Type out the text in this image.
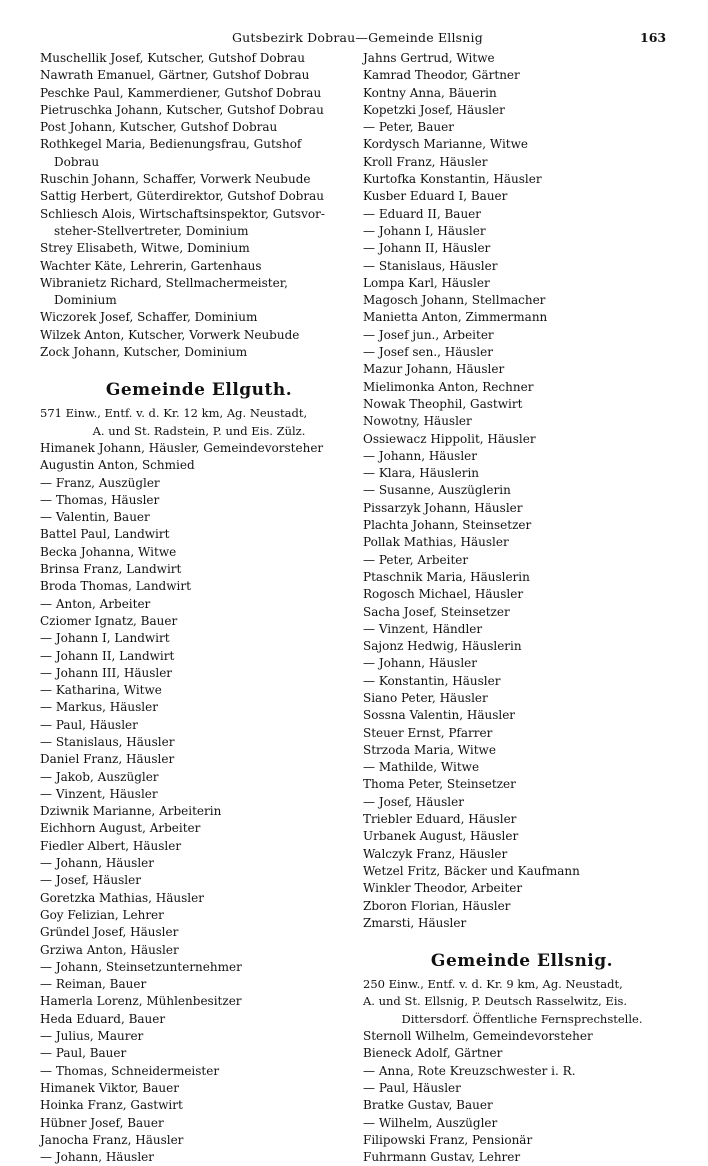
Gutsbezirk Dobrau—Gemeinde Ellsnig	163
Muschellik Josef, Kutscher, Gutshof Dobrau
Nawrath Emanuel, Gärtner, Gutshof Dobrau
Peschke Paul, Kammerdiener, Gutshof Dobrau
Pietruschka Johann, Kutscher, Gutshof Dobrau
Post Johann, Kutscher, Gutshof Dobrau
Rothkegel Maria, Bedienungsfrau, Gutshof
Dobrau
Ruschin Johann, Schaffer, Vorwerk Neubude
Sattig Herbert, Güterdirektor, Gutshof Dobrau
Schliesch Alois, Wirtschaftsinspektor, Gutsvor-
steher-Stellvertreter, Dominium
Strey Elisabeth, Witwe, Dominium
Wachter Käte, Lehrerin, Gartenhaus
Wibranietz Richard, Stellmachermeister,
Dominium
Wiczorek Josef, Schaffer, Dominium
Wilzek Anton, Kutscher, Vorwerk Neubude
Zock Johann, Kutscher, Dominium
Gemeinde Ellguth.
571 Einw., Entf. v. d. Kr. 12 km, Ag. Neustadt,
A. und St. Radstein, P. und Eis. Zülz.
Himanek Johann, Häusler, Gemeindevorsteher
Augustin Anton, Schmied
— Franz, Auszügler
— Thomas, Häusler
— Valentin, Bauer
Battel Paul, Landwirt
Becka Johanna, Witwe
Brinsa Franz, Landwirt
Broda Thomas, Landwirt
— Anton, Arbeiter
Cziomer Ignatz, Bauer
— Johann I, Landwirt
— Johann II, Landwirt
— Johann III, Häusler
— Katharina, Witwe
— Markus, Häusler
— Paul, Häusler
— Stanislaus, Häusler
Daniel Franz, Häusler
— Jakob, Auszügler
— Vinzent, Häusler
Dziwnik Marianne, Arbeiterin
Eichhorn August, Arbeiter
Fiedler Albert, Häusler
— Johann, Häusler
— Josef, Häusler
Goretzka Mathias, Häusler
Goy Felizian, Lehrer
Gründel Josef, Häusler
Grziwa Anton, Häusler
— Johann, Steinsetzunternehmer
— Reiman, Bauer
Hamerla Lorenz, Mühlenbesitzer
Heda Eduard, Bauer
— Julius, Maurer
— Paul, Bauer
— Thomas, Schneidermeister
Himanek Viktor, Bauer
Hoinka Franz, Gastwirt
Hübner Josef, Bauer
Janocha Franz, Häusler
— Johann, Häusler
Jahns Gertrud, Witwe
Kamrad Theodor, Gärtner
Kontny Anna, Bäuerin
Kopetzki Josef, Häusler
— Peter, Bauer
Kordysch Marianne, Witwe
Kroll Franz, Häusler
Kurtofka Konstantin, Häusler
Kusber Eduard I, Bauer
— Eduard II, Bauer
— Johann I, Häusler
— Johann II, Häusler
— Stanislaus, Häusler
Lompa Karl, Häusler
Magosch Johann, Stellmacher
Manietta Anton, Zimmermann
— Josef jun., Arbeiter
— Josef sen., Häusler
Mazur Johann, Häusler
Mielimonka Anton, Rechner
Nowak Theophil, Gastwirt
Nowotny, Häusler
Ossiewacz Hippolit, Häusler
— Johann, Häusler
— Klara, Häuslerin
— Susanne, Auszüglerin
Pissarzyk Johann, Häusler
Plachta Johann, Steinsetzer
Pollak Mathias, Häusler
— Peter, Arbeiter
Ptaschnik Maria, Häuslerin
Rogosch Michael, Häusler
Sacha Josef, Steinsetzer
— Vinzent, Händler
Sajonz Hedwig, Häuslerin
— Johann, Häusler
— Konstantin, Häusler
Siano Peter, Häusler
Sossna Valentin, Häusler
Steuer Ernst, Pfarrer
Strzoda Maria, Witwe
— Mathilde, Witwe
Thoma Peter, Steinsetzer
— Josef, Häusler
Triebler Eduard, Häusler
Urbanek August, Häusler
Walczyk Franz, Häusler
Wetzel Fritz, Bäcker und Kaufmann
Winkler Theodor, Arbeiter
Zboron Florian, Häusler
Zmarsti, Häusler
Gemeinde Ellsnig.
250 Einw., Entf. v. d. Kr. 9 km, Ag. Neustadt,
A. und St. Ellsnig, P. Deutsch Rasselwitz, Eis.
Dittersdorf. Öffentliche Fernsprechstelle.
Sternoll Wilhelm, Gemeindevorsteher
Bieneck Adolf, Gärtner
— Anna, Rote Kreuzschwester i. R.
— Paul, Häusler
Bratke Gustav, Bauer
— Wilhelm, Auszügler
Filipowski Franz, Pensionär
Fuhrmann Gustav, Lehrer
